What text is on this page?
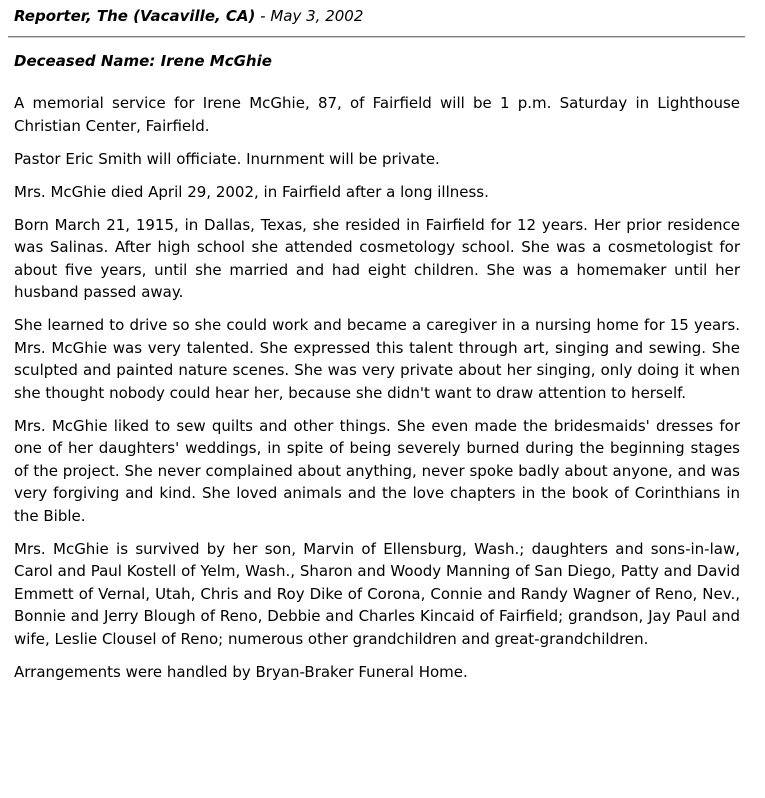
Reporter, The (Vacaville, CA) - May 3, 2002
Deceased Name: Irene McGhie

A memorial service for Irene McGhie, 87, of Fairfield will be 1 p.m. Saturday in Lighthouse Christian Center, Fairfield.

Pastor Eric Smith will officiate. Inurnment will be private.

Mrs. McGhie died April 29, 2002, in Fairfield after a long illness.

Born March 21, 1915, in Dallas, Texas, she resided in Fairfield for 12 years. Her prior residence was Salinas. After high school she attended cosmetology school. She was a cosmetologist for about five years, until she married and had eight children. She was a homemaker until her husband passed away.

She learned to drive so she could work and became a caregiver in a nursing home for 15 years. Mrs. McGhie was very talented. She expressed this talent through art, singing and sewing. She sculpted and painted nature scenes. She was very private about her singing, only doing it when she thought nobody could hear her, because she didn't want to draw attention to herself.

Mrs. McGhie liked to sew quilts and other things. She even made the bridesmaids' dresses for one of her daughters' weddings, in spite of being severely burned during the beginning stages of the project. She never complained about anything, never spoke badly about anyone, and was very forgiving and kind. She loved animals and the love chapters in the book of Corinthians in the Bible.

Mrs. McGhie is survived by her son, Marvin of Ellensburg, Wash.; daughters and sons-in-law, Carol and Paul Kostell of Yelm, Wash., Sharon and Woody Manning of San Diego, Patty and David Emmett of Vernal, Utah, Chris and Roy Dike of Corona, Connie and Randy Wagner of Reno, Nev., Bonnie and Jerry Blough of Reno, Debbie and Charles Kincaid of Fairfield; grandson, Jay Paul and wife, Leslie Clousel of Reno; numerous other grandchildren and great-grandchildren.

Arrangements were handled by Bryan-Braker Funeral Home.
